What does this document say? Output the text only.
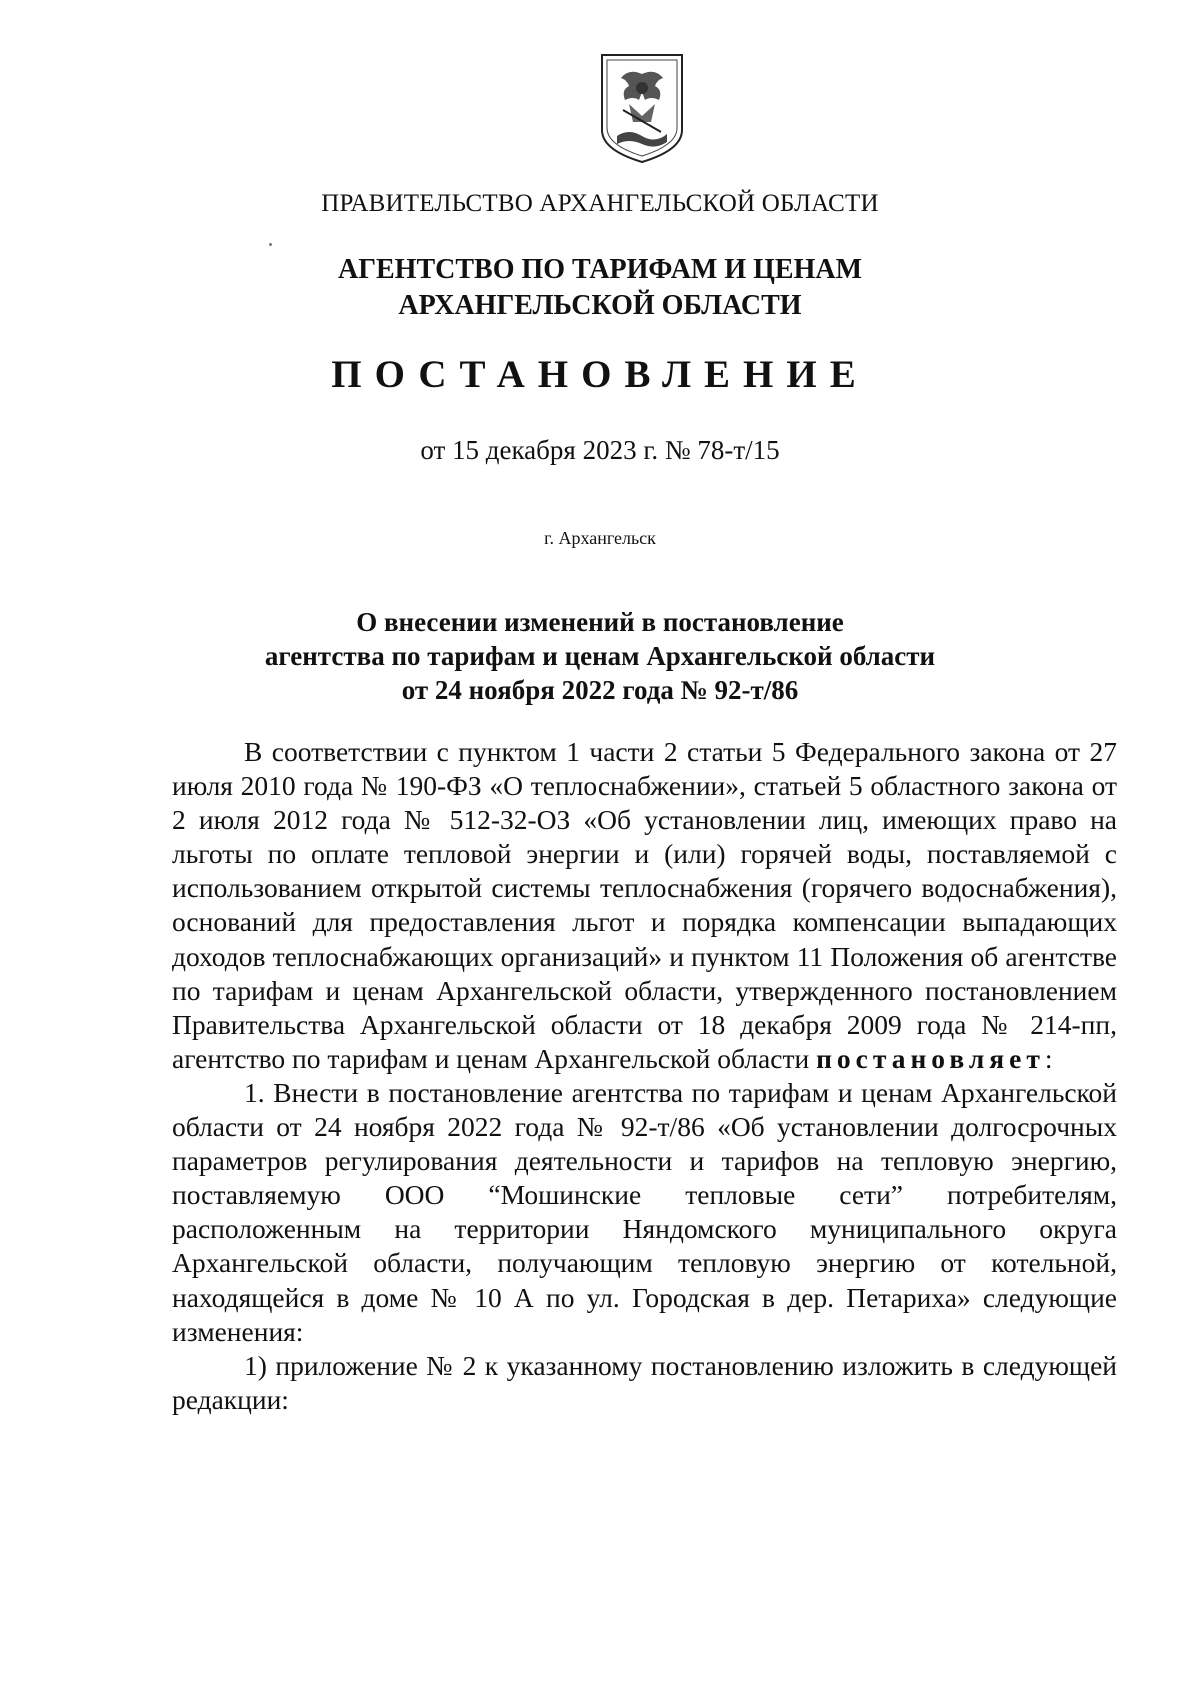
ПРАВИТЕЛЬСТВО АРХАНГЕЛЬСКОЙ ОБЛАСТИ
АГЕНТСТВО ПО ТАРИФАМ И ЦЕНАМ
АРХАНГЕЛЬСКОЙ ОБЛАСТИ
ПОСТАНОВЛЕНИЕ
от 15 декабря 2023 г. № 78-т/15
г. Архангельск
О внесении изменений в постановление
агентства по тарифам и ценам Архангельской области
от 24 ноября 2022 года № 92-т/86

В соответствии с пунктом 1 части 2 статьи 5 Федерального закона от 27 июля 2010 года № 190-ФЗ «О теплоснабжении», статьей 5 областного закона от 2 июля 2012 года № 512-32-ОЗ «Об установлении лиц, имеющих право на льготы по оплате тепловой энергии и (или) горячей воды, поставляемой с использованием открытой системы теплоснабжения (горячего водоснабжения), оснований для предоставления льгот и порядка компенсации выпадающих доходов теплоснабжающих организаций» и пунктом 11 Положения об агентстве по тарифам и ценам Архангельской области, утвержденного постановлением Правительства Архангельской области от 18 декабря 2009 года № 214-пп, агентство по тарифам и ценам Архангельской области постановляет:

1. Внести в постановление агентства по тарифам и ценам Архангельской области от 24 ноября 2022 года № 92-т/86 «Об установлении долгосрочных параметров регулирования деятельности и тарифов на тепловую энергию, поставляемую ООО “Мошинские тепловые сети” потребителям, расположенным на территории Няндомского муниципального округа Архангельской области, получающим тепловую энергию от котельной, находящейся в доме № 10 А по ул. Городская в дер. Петариха» следующие изменения:

1) приложение № 2 к указанному постановлению изложить в следующей редакции:
